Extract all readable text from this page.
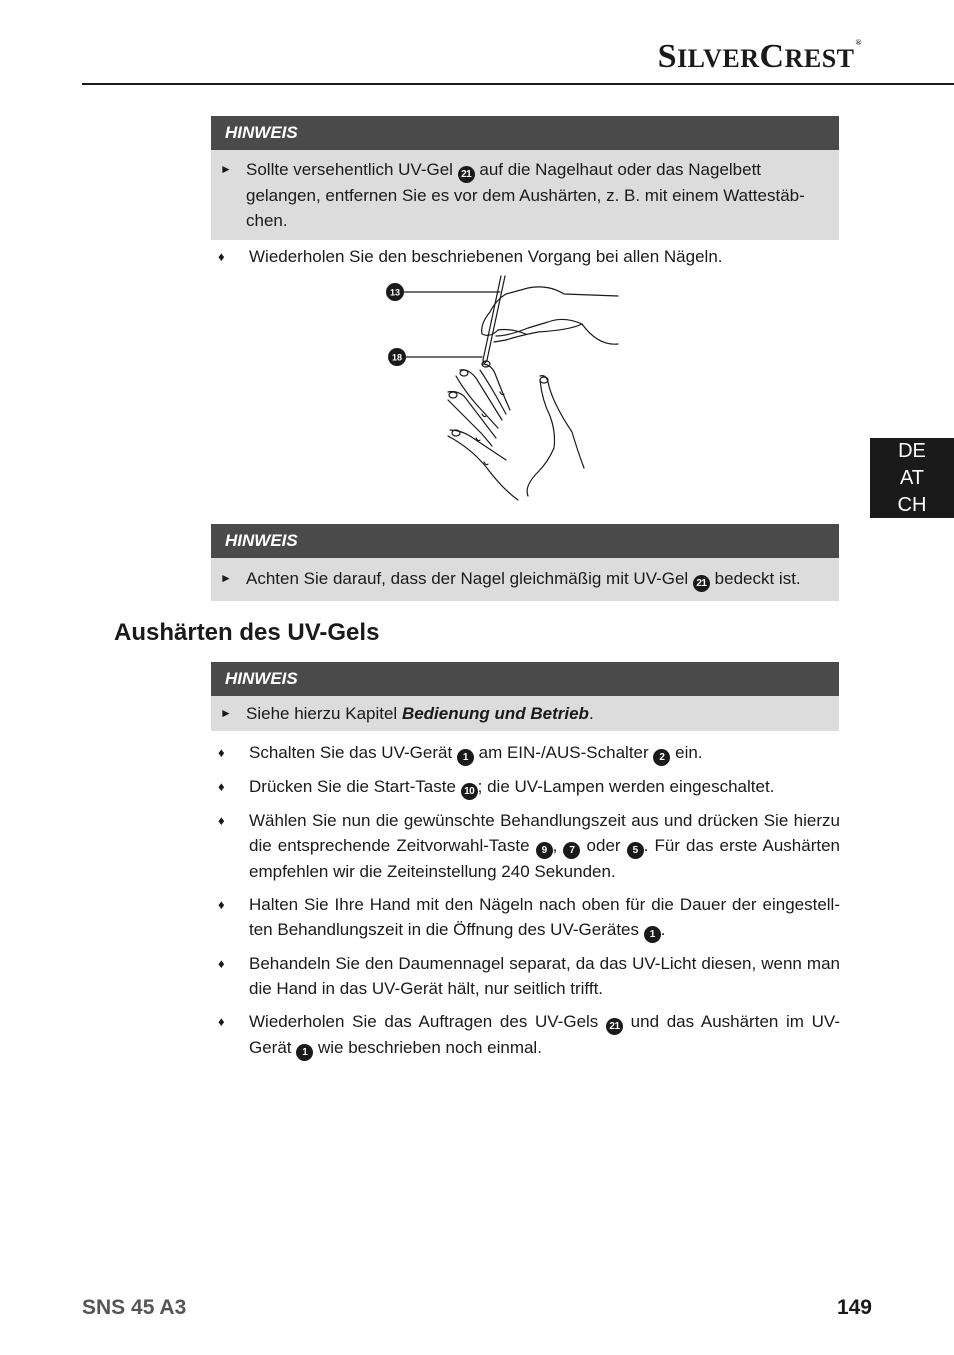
SILVERCREST®
DE
AT
CH
HINWEIS
► Sollte versehentlich UV-Gel 21 auf die Nagelhaut oder das Nagelbett gelangen, entfernen Sie es vor dem Aushärten, z. B. mit einem Wattestäb-chen.
♦ Wiederholen Sie den beschriebenen Vorgang bei allen Nägeln.
13
18
HINWEIS
► Achten Sie darauf, dass der Nagel gleichmäßig mit UV-Gel 21 bedeckt ist.
Aushärten des UV-Gels
HINWEIS
► Siehe hierzu Kapitel Bedienung und Betrieb.
♦ Schalten Sie das UV-Gerät 1 am EIN-/AUS-Schalter 2 ein.
♦ Drücken Sie die Start-Taste 10 ; die UV-Lampen werden eingeschaltet.
♦ Wählen Sie nun die gewünschte Behandlungszeit aus und drücken Sie hierzu die entsprechende Zeitvorwahl-Taste 9 , 7 oder 5 . Für das erste Aushärten empfehlen wir die Zeiteinstellung 240 Sekunden.
♦ Halten Sie Ihre Hand mit den Nägeln nach oben für die Dauer der eingestell-ten Behandlungszeit in die Öffnung des UV-Gerätes 1 .
♦ Behandeln Sie den Daumennagel separat, da das UV-Licht diesen, wenn man die Hand in das UV-Gerät hält, nur seitlich trifft.
♦ Wiederholen Sie das Auftragen des UV-Gels 21 und das Aushärten im UV-Gerät 1 wie beschrieben noch einmal.
SNS 45 A3	149
